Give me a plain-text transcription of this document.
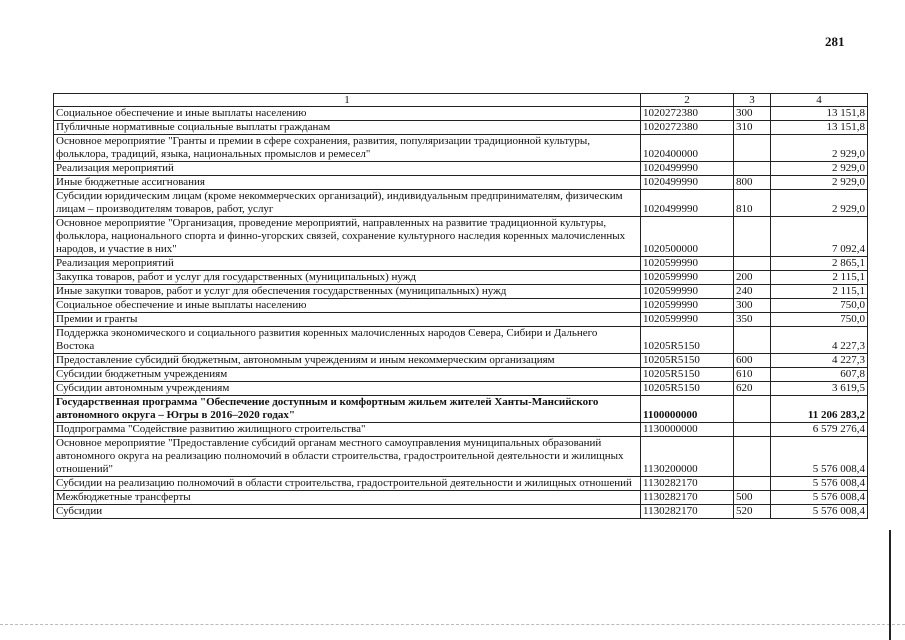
281
1	2	3	4
Социальное обеспечение и иные выплаты населению	1020272380	300	13 151,8
Публичные нормативные социальные выплаты гражданам	1020272380	310	13 151,8
Основное мероприятие "Гранты и премии в сфере сохранения, развития, популяризации традиционной культуры, фольклора, традиций, языка, национальных промыслов и ремесел"	1020400000		2 929,0
Реализация мероприятий	1020499990		2 929,0
Иные бюджетные ассигнования	1020499990	800	2 929,0
Субсидии юридическим лицам (кроме некоммерческих организаций), индивидуальным предпринимателям, физическим лицам – производителям товаров, работ, услуг	1020499990	810	2 929,0
Основное мероприятие "Организация, проведение мероприятий, направленных на развитие традиционной культуры, фольклора, национального спорта и финно-угорских связей, сохранение культурного наследия коренных малочисленных народов, и участие в них"	1020500000		7 092,4
Реализация мероприятий	1020599990		2 865,1
Закупка товаров, работ и услуг для государственных (муниципальных) нужд	1020599990	200	2 115,1
Иные закупки товаров, работ и услуг для обеспечения государственных (муниципальных) нужд	1020599990	240	2 115,1
Социальное обеспечение и иные выплаты населению	1020599990	300	750,0
Премии и гранты	1020599990	350	750,0
Поддержка экономического и социального развития коренных малочисленных народов Севера, Сибири и Дальнего Востока	10205R5150		4 227,3
Предоставление субсидий бюджетным, автономным учреждениям и иным некоммерческим организациям	10205R5150	600	4 227,3
Субсидии бюджетным учреждениям	10205R5150	610	607,8
Субсидии автономным учреждениям	10205R5150	620	3 619,5
Государственная программа "Обеспечение доступным и комфортным жильем жителей Ханты-Мансийского автономного округа – Югры в 2016–2020 годах"	1100000000		11 206 283,2
Подпрограмма "Содействие развитию жилищного строительства"	1130000000		6 579 276,4
Основное мероприятие "Предоставление субсидий органам местного самоуправления муниципальных образований автономного округа на реализацию полномочий в области строительства, градостроительной деятельности и жилищных отношений"	1130200000		5 576 008,4
Субсидии на реализацию полномочий в области строительства, градостроительной деятельности и жилищных отношений	1130282170		5 576 008,4
Межбюджетные трансферты	1130282170	500	5 576 008,4
Субсидии	1130282170	520	5 576 008,4
